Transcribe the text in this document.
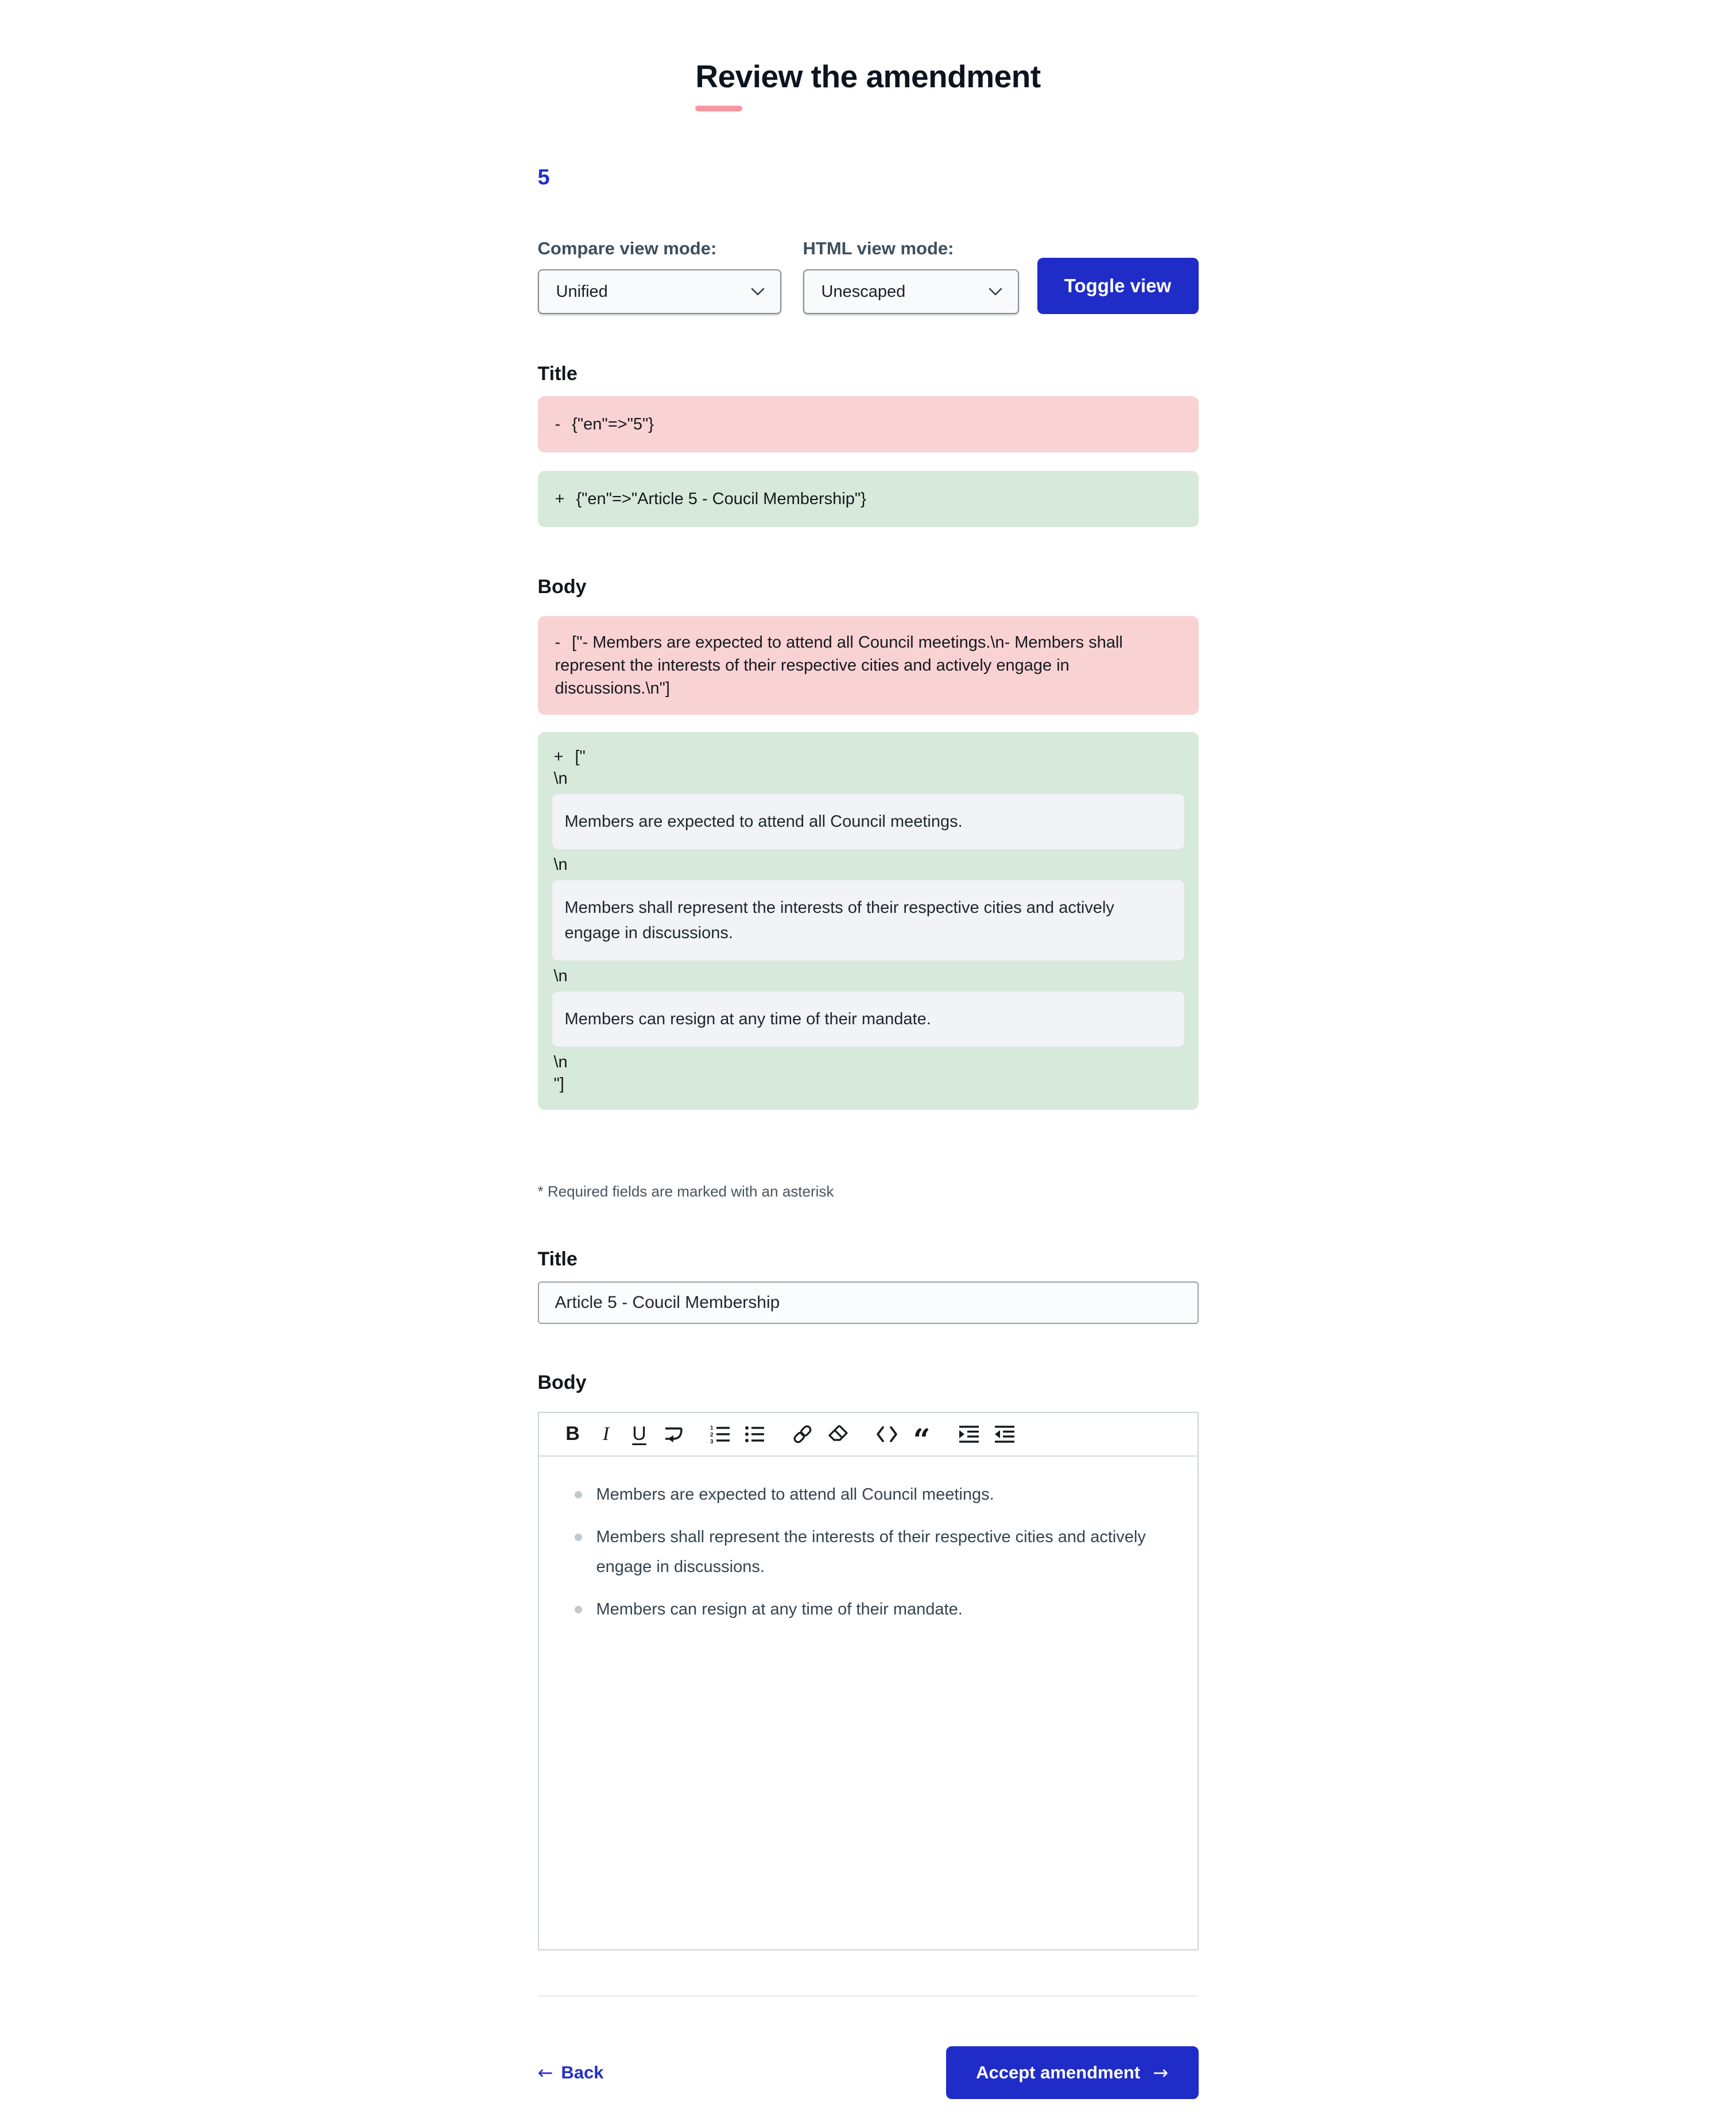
Review the amendment
5
Compare view mode:
Unified
HTML view mode:
Unescaped	Toggle view
Title
- {"en"=>"5"}
+ {"en"=>"Article 5 - Coucil Membership"}
Body
- ["- Members are expected to attend all Council meetings.\n- Members shall represent the interests of their respective cities and actively engage in discussions.\n"]
+ ["
\n
Members are expected to attend all Council meetings.
\n
Members shall represent the interests of their respective cities and actively engage in discussions.
\n
Members can resign at any time of their mandate.
\n
"]
* Required fields are marked with an asterisk
Title
Article 5 - Coucil Membership
Body
B	I	U	1
2
3	“
Members are expected to attend all Council meetings.
Members shall represent the interests of their respective cities and actively engage in discussions.
Members can resign at any time of their mandate.
← Back	Accept amendment →
